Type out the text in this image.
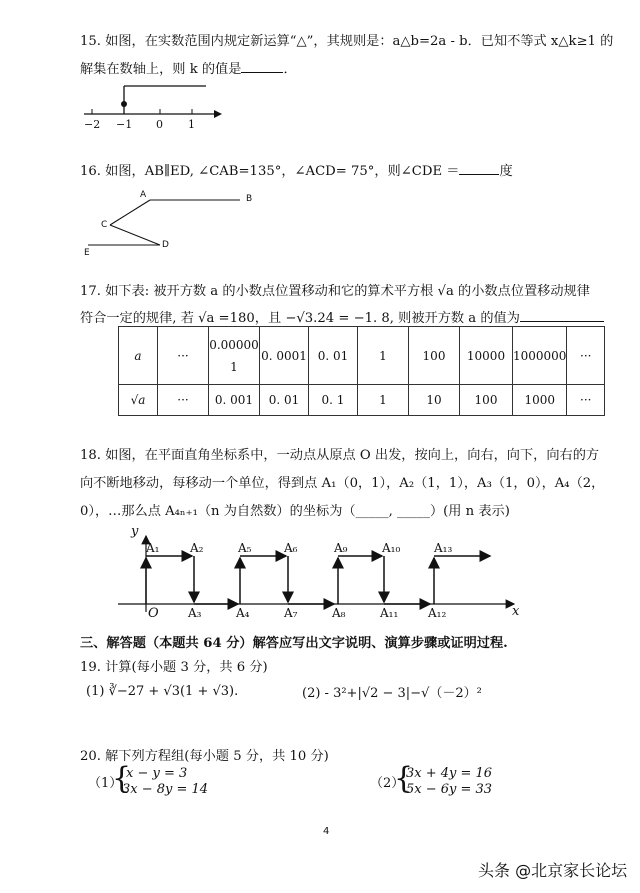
15. 如图，在实数范围内规定新运算“△”，其规则是：a△b=2a - b．已知不等式 x△k≥1 的
解集在数轴上，则 k 的值是	．
−2 −1 0 1
16. 如图，AB∥ED, ∠CAB=135°，∠ACD= 75°，则∠CDE ＝	度
A	B
C
D
E
17. 如下表: 被开方数 a 的小数点位置移动和它的算术平方根 √a 的小数点位置移动规律
符合一定的规律, 若 √a =180，且 −√3.24 = −1. 8, 则被开方数 a 的值为
a	···	0.00000
1	0. 0001	0. 01	1	100	10000	1000000	···
√a	···	0. 001	0. 01	0. 1	1	10	100	1000	···
18. 如图，在平面直角坐标系中，一动点从原点 O 出发，按向上，向右，向下，向右的方
向不断地移动，每移动一个单位，得到点 A₁（0，1），A₂（1，1），A₃（1，0），A₄（2，
0），…那么点 A₄ₙ₊₁（n 为自然数）的坐标为（_____, _____）(用 n 表示)
y
x
O
A₁	A₂	A₅	A₆	A₉	A₁₀	A₁₃
A₃	A₄	A₇	A₈	A₁₁ A₁₂
三、解答题（本题共 64 分）解答应写出文字说明、演算步骤或证明过程.
19. 计算(每小题 3 分，共 6 分)
(1) ∛−27 + √3(1 + √3).	(2) - 3²+|√2 − 3|−√（－2）²
20. 解下列方程组(每小题 5 分，共 10 分)
（1）
{
x − y = 3
3x − 8y = 14	（2）
{
3x + 4y = 16
5x − 6y = 33
4
头条 @北京家长论坛
